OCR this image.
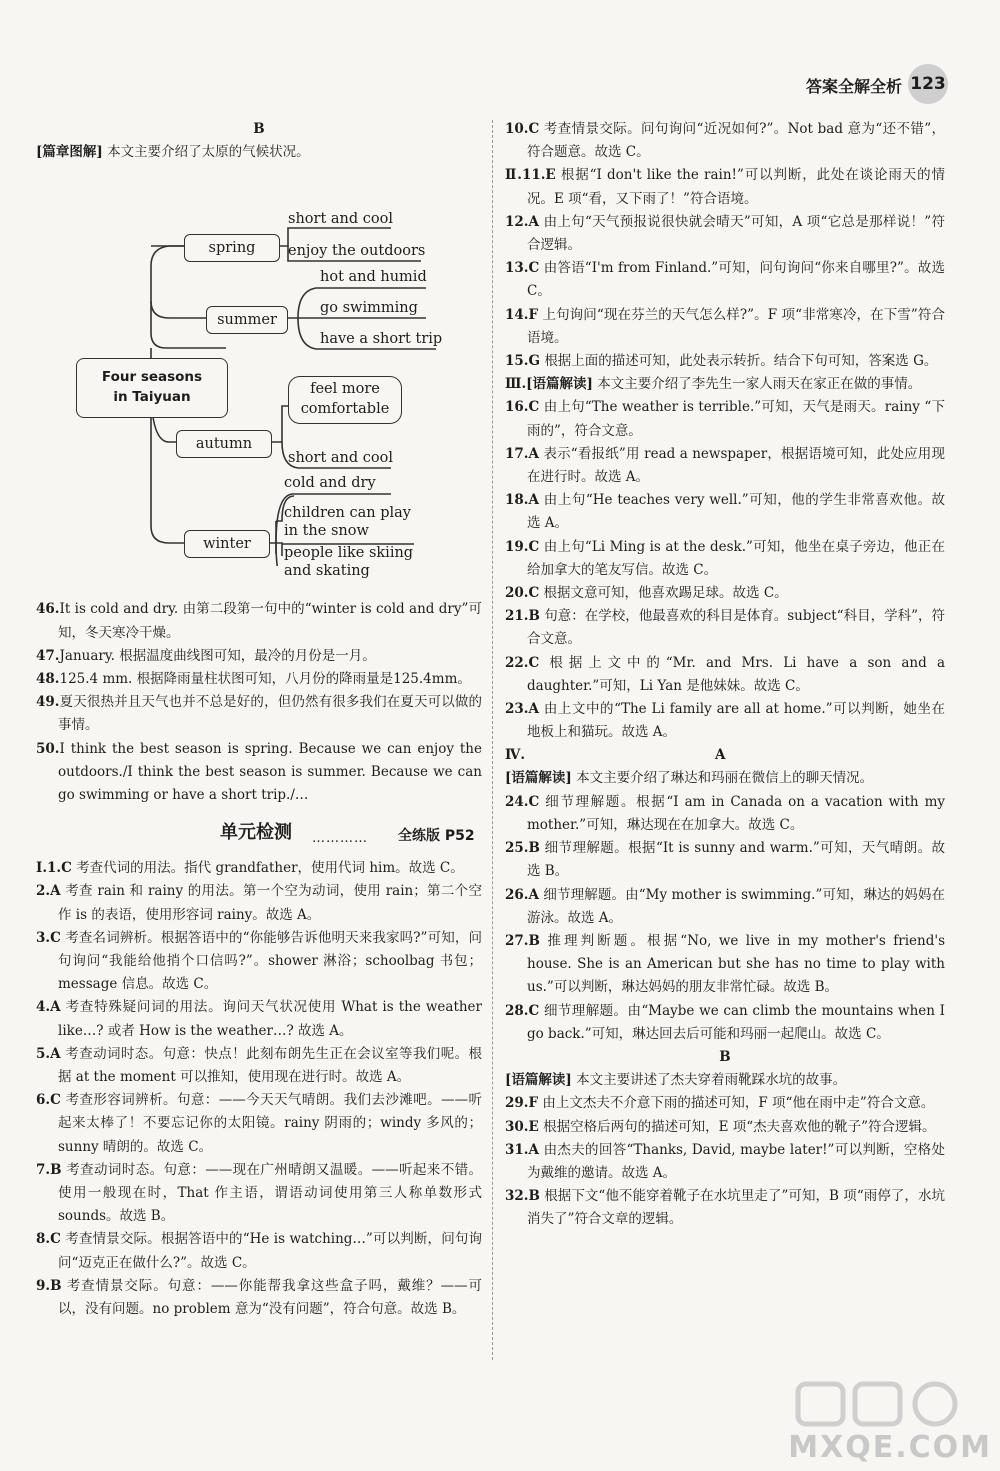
答案全解全析 123
B

[篇章图解] 本文主要介绍了太原的气候状况。

spring
short and cool
enjoy the outdoors
summer
hot and humid
go swimming
have a short trip
Four seasons
in Taiyuan	feel more
comfortable
autumn
short and cool
cold and dry
children can play
in the snow
winter
people like skiing
and skating

46.It is cold and dry. 由第二段第一句中的“winter is cold and dry”可知，冬天寒冷干燥。

47.January. 根据温度曲线图可知，最冷的月份是一月。

48.125.4 mm. 根据降雨量柱状图可知，八月份的降雨量是125.4mm。

49.夏天很热并且天气也并不总是好的，但仍然有很多我们在夏天可以做的事情。

50.I think the best season is spring. Because we can enjoy the outdoors./I think the best season is summer. Because we can go swimming or have a short trip./…

单元检测 ………… 全练版 P52

Ⅰ.1.C 考查代词的用法。指代 grandfather，使用代词 him。故选 C。

2.A 考查 rain 和 rainy 的用法。第一个空为动词，使用 rain；第二个空作 is 的表语，使用形容词 rainy。故选 A。

3.C 考查名词辨析。根据答语中的“你能够告诉他明天来我家吗?”可知，问句询问“我能给他捎个口信吗?”。shower 淋浴；schoolbag 书包；message 信息。故选 C。

4.A 考查特殊疑问词的用法。询问天气状况使用 What is the weather like…? 或者 How is the weather…? 故选 A。

5.A 考查动词时态。句意：快点！此刻布朗先生正在会议室等我们呢。根据 at the moment 可以推知，使用现在进行时。故选 A。

6.C 考查形容词辨析。句意：——今天天气晴朗。我们去沙滩吧。——听起来太棒了！不要忘记你的太阳镜。rainy 阴雨的；windy 多风的；sunny 晴朗的。故选 C。

7.B 考查动词时态。句意：——现在广州晴朗又温暖。——听起来不错。使用一般现在时，That 作主语，谓语动词使用第三人称单数形式 sounds。故选 B。

8.C 考查情景交际。根据答语中的“He is watching…”可以判断，问句询问“迈克正在做什么?”。故选 C。

9.B 考查情景交际。句意：——你能帮我拿这些盒子吗，戴维？——可以，没有问题。no problem 意为“没有问题”，符合句意。故选 B。

10.C 考查情景交际。问句询问“近况如何?”。Not bad 意为“还不错”，符合题意。故选 C。

Ⅱ.11.E 根据“I don't like the rain!”可以判断，此处在谈论雨天的情况。E 项“看，又下雨了！”符合语境。

12.A 由上句“天气预报说很快就会晴天”可知，A 项“它总是那样说！”符合逻辑。

13.C 由答语“I'm from Finland.”可知，问句询问“你来自哪里?”。故选 C。

14.F 上句询问“现在芬兰的天气怎么样?”。F 项“非常寒冷，在下雪”符合语境。

15.G 根据上面的描述可知，此处表示转折。结合下句可知，答案选 G。

Ⅲ.[语篇解读] 本文主要介绍了李先生一家人雨天在家正在做的事情。

16.C 由上句“The weather is terrible.”可知，天气是雨天。rainy “下雨的”，符合文意。

17.A 表示“看报纸”用 read a newspaper，根据语境可知，此处应用现在进行时。故选 A。

18.A 由上句“He teaches very well.”可知，他的学生非常喜欢他。故选 A。

19.C 由上句“Li Ming is at the desk.”可知，他坐在桌子旁边，他正在给加拿大的笔友写信。故选 C。

20.C 根据文意可知，他喜欢踢足球。故选 C。

21.B 句意：在学校，他最喜欢的科目是体育。subject“科目，学科”，符合文意。

22.C 根据上文中的“Mr. and Mrs. Li have a son and a daughter.”可知，Li Yan 是他妹妹。故选 C。

23.A 由上文中的“The Li family are all at home.”可以判断，她坐在地板上和猫玩。故选 A。

Ⅳ.	A

[语篇解读] 本文主要介绍了琳达和玛丽在微信上的聊天情况。

24.C 细节理解题。根据“I am in Canada on a vacation with my mother.”可知，琳达现在在加拿大。故选 C。

25.B 细节理解题。根据“It is sunny and warm.”可知，天气晴朗。故选 B。

26.A 细节理解题。由“My mother is swimming.”可知，琳达的妈妈在游泳。故选 A。

27.B 推理判断题。根据“No, we live in my mother's friend's house. She is an American but she has no time to play with us.”可以判断，琳达妈妈的朋友非常忙碌。故选 B。

28.C 细节理解题。由“Maybe we can climb the mountains when I go back.”可知，琳达回去后可能和玛丽一起爬山。故选 C。

B

[语篇解读] 本文主要讲述了杰夫穿着雨靴踩水坑的故事。

29.F 由上文杰夫不介意下雨的描述可知，F 项“他在雨中走”符合文意。

30.E 根据空格后两句的描述可知，E 项“杰夫喜欢他的靴子”符合逻辑。

31.A 由杰夫的回答“Thanks, David, maybe later!”可以判断，空格处为戴维的邀请。故选 A。

32.B 根据下文“他不能穿着靴子在水坑里走了”可知，B 项“雨停了，水坑消失了”符合文章的逻辑。

MXQE.COM
